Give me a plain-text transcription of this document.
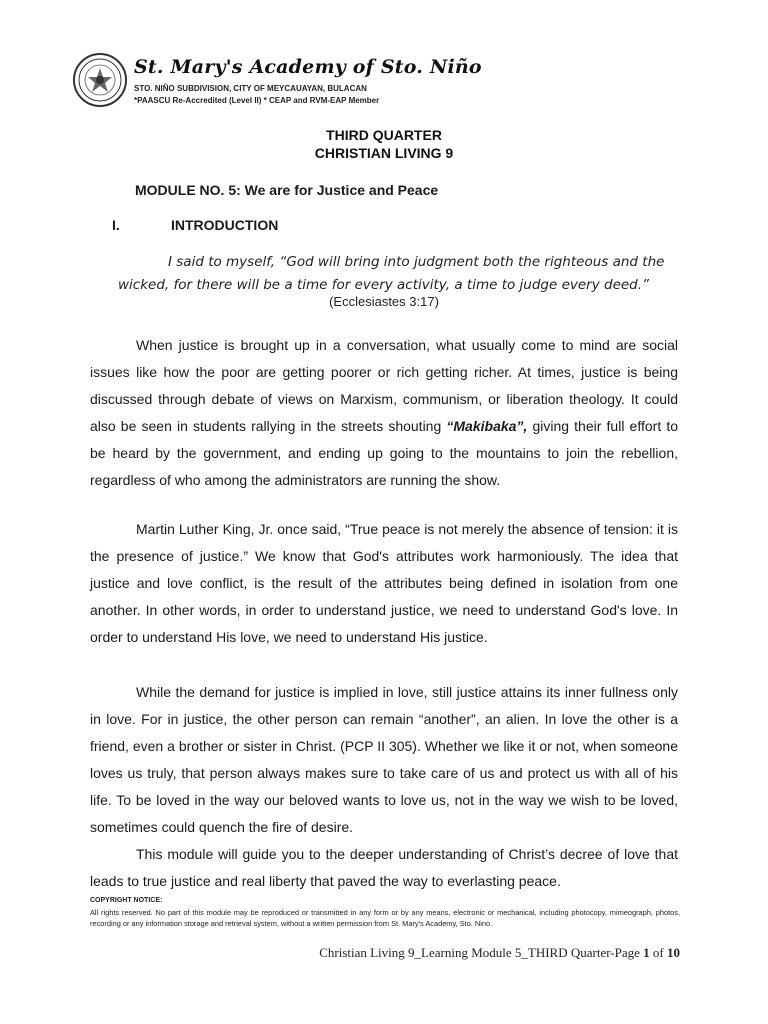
St. Mary's Academy of Sto. Niño
STO. NIÑO SUBDIVISION, CITY OF MEYCAUAYAN, BULACAN
*PAASCU Re-Accredited (Level II) * CEAP and RVM-EAP Member
THIRD QUARTER
CHRISTIAN LIVING 9
MODULE NO. 5: We are for Justice and Peace
I.	INTRODUCTION
I said to myself, “God will bring into judgment both the righteous and the wicked, for there will be a time for every activity, a time to judge every deed.”
(Ecclesiastes 3:17)
When justice is brought up in a conversation, what usually come to mind are social issues like how the poor are getting poorer or rich getting richer. At times, justice is being discussed through debate of views on Marxism, communism, or liberation theology. It could also be seen in students rallying in the streets shouting “Makibaka”, giving their full effort to be heard by the government, and ending up going to the mountains to join the rebellion, regardless of who among the administrators are running the show.
Martin Luther King, Jr. once said, “True peace is not merely the absence of tension: it is the presence of justice.” We know that God's attributes work harmoniously. The idea that justice and love conflict, is the result of the attributes being defined in isolation from one another. In other words, in order to understand justice, we need to understand God's love. In order to understand His love, we need to understand His justice.
While the demand for justice is implied in love, still justice attains its inner fullness only in love. For in justice, the other person can remain “another”, an alien. In love the other is a friend, even a brother or sister in Christ. (PCP II 305). Whether we like it or not, when someone loves us truly, that person always makes sure to take care of us and protect us with all of his life. To be loved in the way our beloved wants to love us, not in the way we wish to be loved, sometimes could quench the fire of desire.
This module will guide you to the deeper understanding of Christ’s decree of love that leads to true justice and real liberty that paved the way to everlasting peace.
COPYRIGHT NOTICE:
All rights reserved. No part of this module may be reproduced or transmitted in any form or by any means, electronic or mechanical, including photocopy, mimeograph, photos, recording or any information storage and retrieval system, without a written permission from St. Mary's Academy, Sto. Nino.
Christian Living 9_Learning Module 5_THIRD Quarter-Page 1 of 10
